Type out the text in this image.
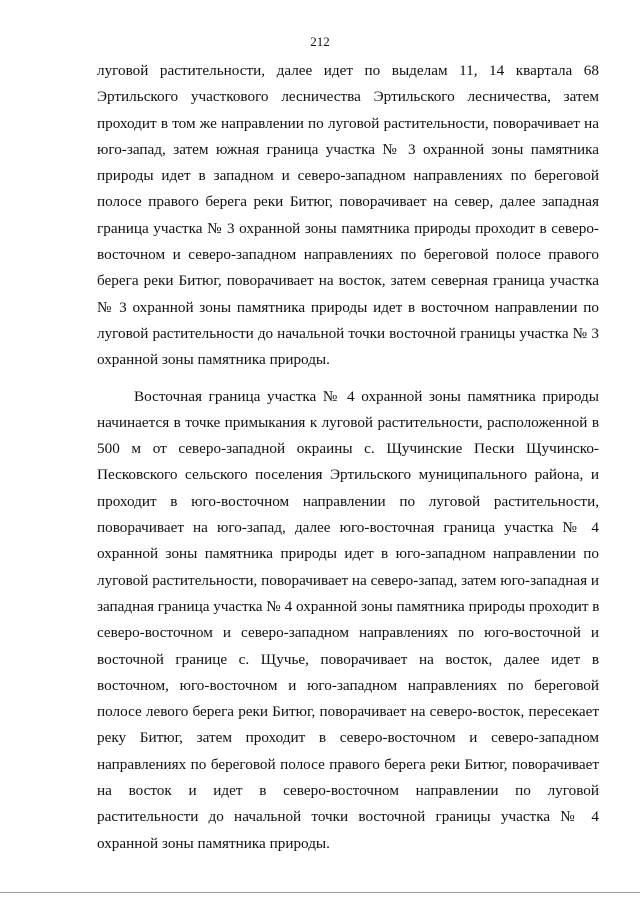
212
луговой растительности, далее идет по выделам 11, 14 квартала 68
Эртильского участкового лесничества Эртильского лесничества, затем
проходит в том же направлении по луговой растительности, поворачивает на
юго-запад, затем южная граница участка № 3 охранной зоны памятника
природы идет в западном и северо-западном направлениях по береговой
полосе правого берега реки Битюг, поворачивает на север, далее западная
граница участка № 3 охранной зоны памятника природы проходит в северо-
восточном и северо-западном направлениях по береговой полосе правого
берега реки Битюг, поворачивает на восток, затем северная граница участка
№ 3 охранной зоны памятника природы идет в восточном направлении по
луговой растительности до начальной точки восточной границы участка № 3
охранной зоны памятника природы.
Восточная граница участка № 4 охранной зоны памятника природы
начинается в точке примыкания к луговой растительности, расположенной в
500 м от северо-западной окраины с. Щучинские Пески Щучинско-
Песковского сельского поселения Эртильского муниципального района, и
проходит в юго-восточном направлении по луговой растительности,
поворачивает на юго-запад, далее юго-восточная граница участка № 4
охранной зоны памятника природы идет в юго-западном направлении по
луговой растительности, поворачивает на северо-запад, затем юго-западная и
западная граница участка № 4 охранной зоны памятника природы проходит в
северо-восточном и северо-западном направлениях по юго-восточной и
восточной границе с. Щучье, поворачивает на восток, далее идет в
восточном, юго-восточном и юго-западном направлениях по береговой
полосе левого берега реки Битюг, поворачивает на северо-восток, пересекает
реку Битюг, затем проходит в северо-восточном и северо-западном
направлениях по береговой полосе правого берега реки Битюг, поворачивает
на восток и идет в северо-восточном направлении по луговой
растительности до начальной точки восточной границы участка № 4
охранной зоны памятника природы.
